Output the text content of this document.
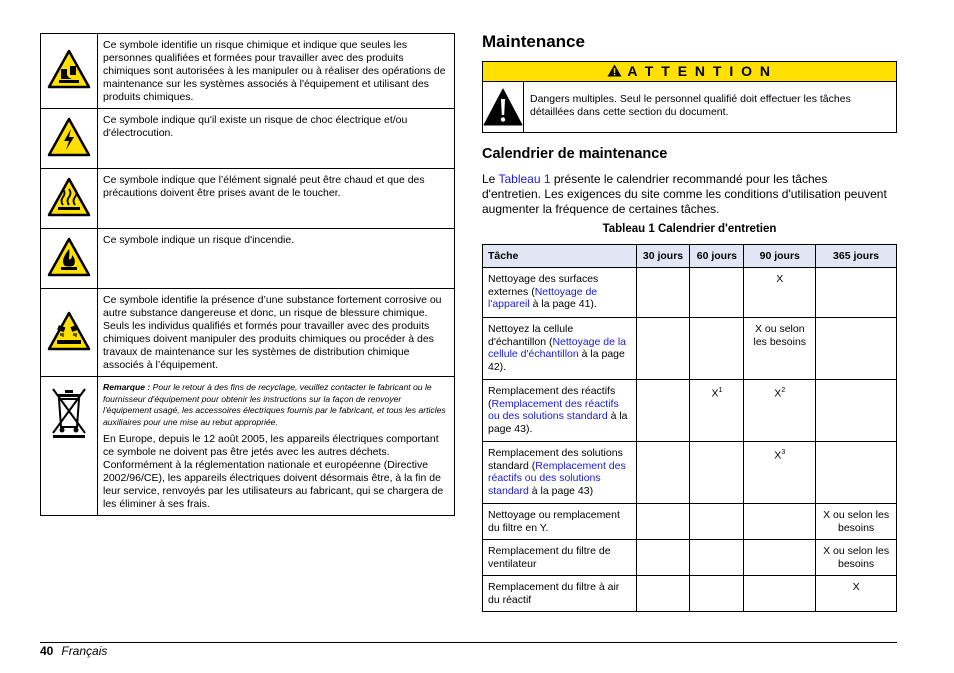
	Ce symbole identifie un risque chimique et indique que seules les personnes qualifiées et formées pour travailler avec des produits chimiques sont autorisées à les manipuler ou à réaliser des opérations de maintenance sur les systèmes associés à l'équipement et utilisant des produits chimiques.
	Ce symbole indique qu'il existe un risque de choc électrique et/ou d'électrocution.
	Ce symbole indique que l’élément signalé peut être chaud et que des précautions doivent être prises avant de le toucher.
	Ce symbole indique un risque d'incendie.
	Ce symbole identifie la présence d’une substance fortement corrosive ou autre substance dangereuse et donc, un risque de blessure chimique. Seuls les individus qualifiés et formés pour travailler avec des produits chimiques doivent manipuler des produits chimiques ou procéder à des travaux de maintenance sur les systèmes de distribution chimique associés à l’équipement.

Remarque : Pour le retour à des fins de recyclage, veuillez contacter le fabricant ou le fournisseur d'équipement pour obtenir les instructions sur la façon de renvoyer l'équipement usagé, les accessoires électriques fournis par le fabricant, et tous les articles auxiliaires pour une mise au rebut appropriée.
En Europe, depuis le 12 août 2005, les appareils électriques comportant ce symbole ne doivent pas être jetés avec les autres déchets. Conformément à la réglementation nationale et européenne (Directive 2002/96/CE), les appareils électriques doivent désormais être, à la fin de leur service, renvoyés par les utilisateurs au fabricant, qui se chargera de les éliminer à ses frais.
Maintenance
A T T E N T I O N
Dangers multiples. Seul le personnel qualifié doit effectuer les tâches détaillées dans cette section du document.
Calendrier de maintenance

Le Tableau 1 présente le calendrier recommandé pour les tâches d'entretien. Les exigences du site comme les conditions d'utilisation peuvent augmenter la fréquence de certaines tâches.

Tableau 1 Calendrier d'entretien
Tâche	30 jours	60 jours	90 jours	365 jours
Nettoyage des surfaces externes (Nettoyage de l'appareil à la page 41).			X	
Nettoyez la cellule d'échantillon (Nettoyage de la cellule d'échantillon à la page 42).			X ou selon les besoins	
Remplacement des réactifs (Remplacement des réactifs ou des solutions standard à la page 43).		$X^1$	$X^2$	
Remplacement des solutions standard (Remplacement des réactifs ou des solutions standard à la page 43)			$X^3$	
Nettoyage ou remplacement du filtre en Y.				X ou selon les besoins
Remplacement du filtre de ventilateur				X ou selon les besoins
Remplacement du filtre à air du réactif				X
40 Français
